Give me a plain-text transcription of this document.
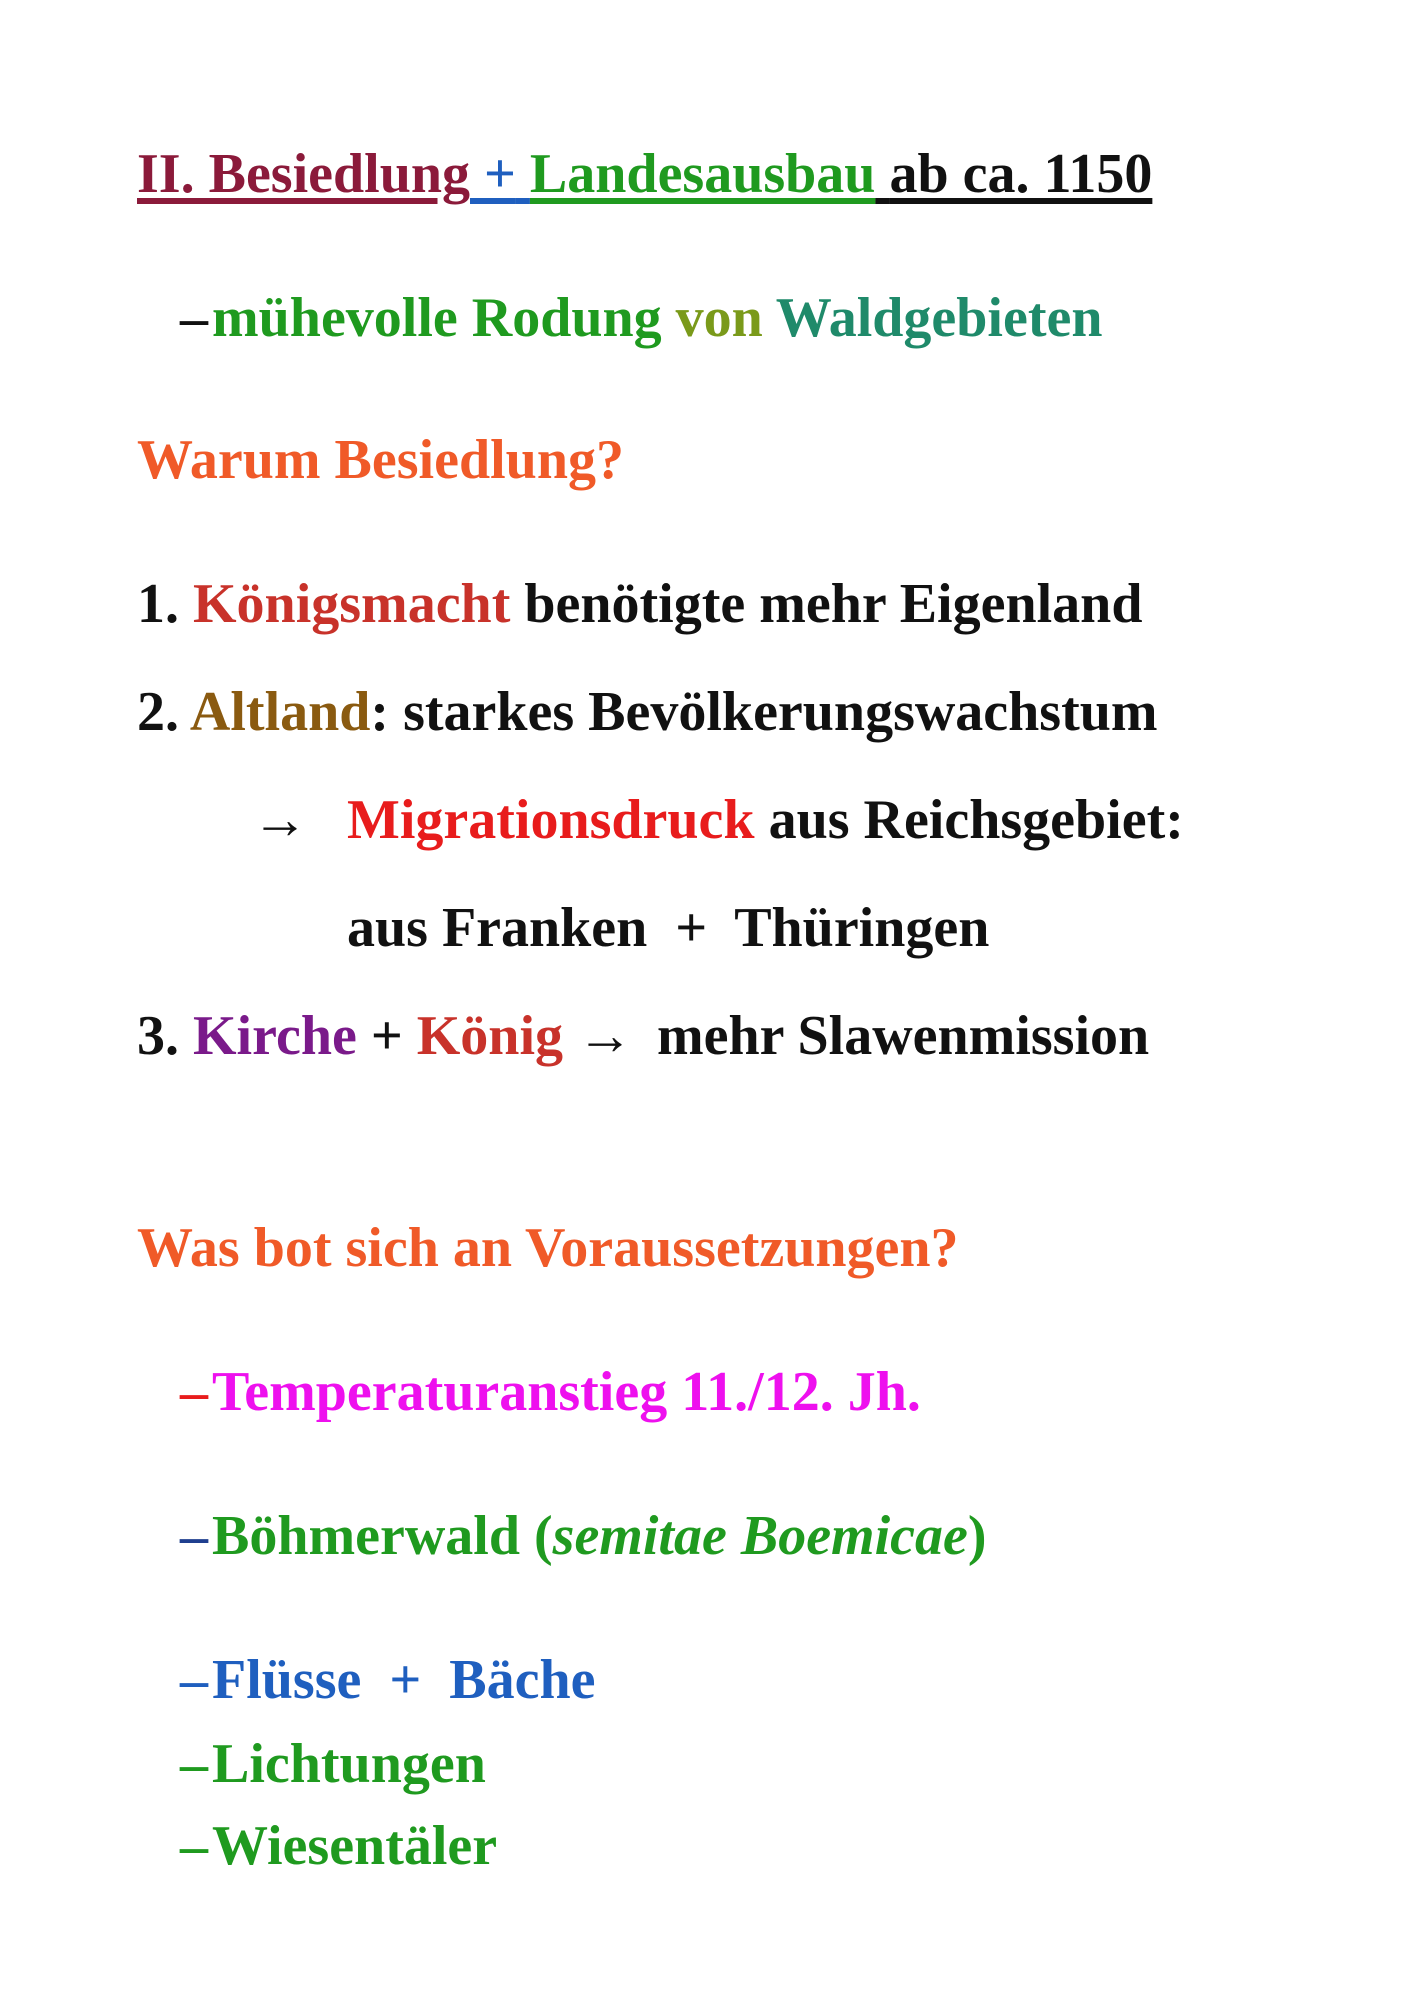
II. Besiedlung + Landesausbau ab ca. 1150
–mühevolle Rodung von Waldgebieten
Warum Besiedlung?
1. Königsmacht benötigte mehr Eigenland
2. Altland: starkes Bevölkerungswachstum
→ Migrationsdruck aus Reichsgebiet:
aus Franken  +  Thüringen
3. Kirche + König → mehr Slawenmission
Was bot sich an Voraussetzungen?
–Temperaturanstieg 11./12. Jh.
–Böhmerwald (semitae Boemicae)
–Flüsse  +  Bäche
–Lichtungen
–Wiesentäler
